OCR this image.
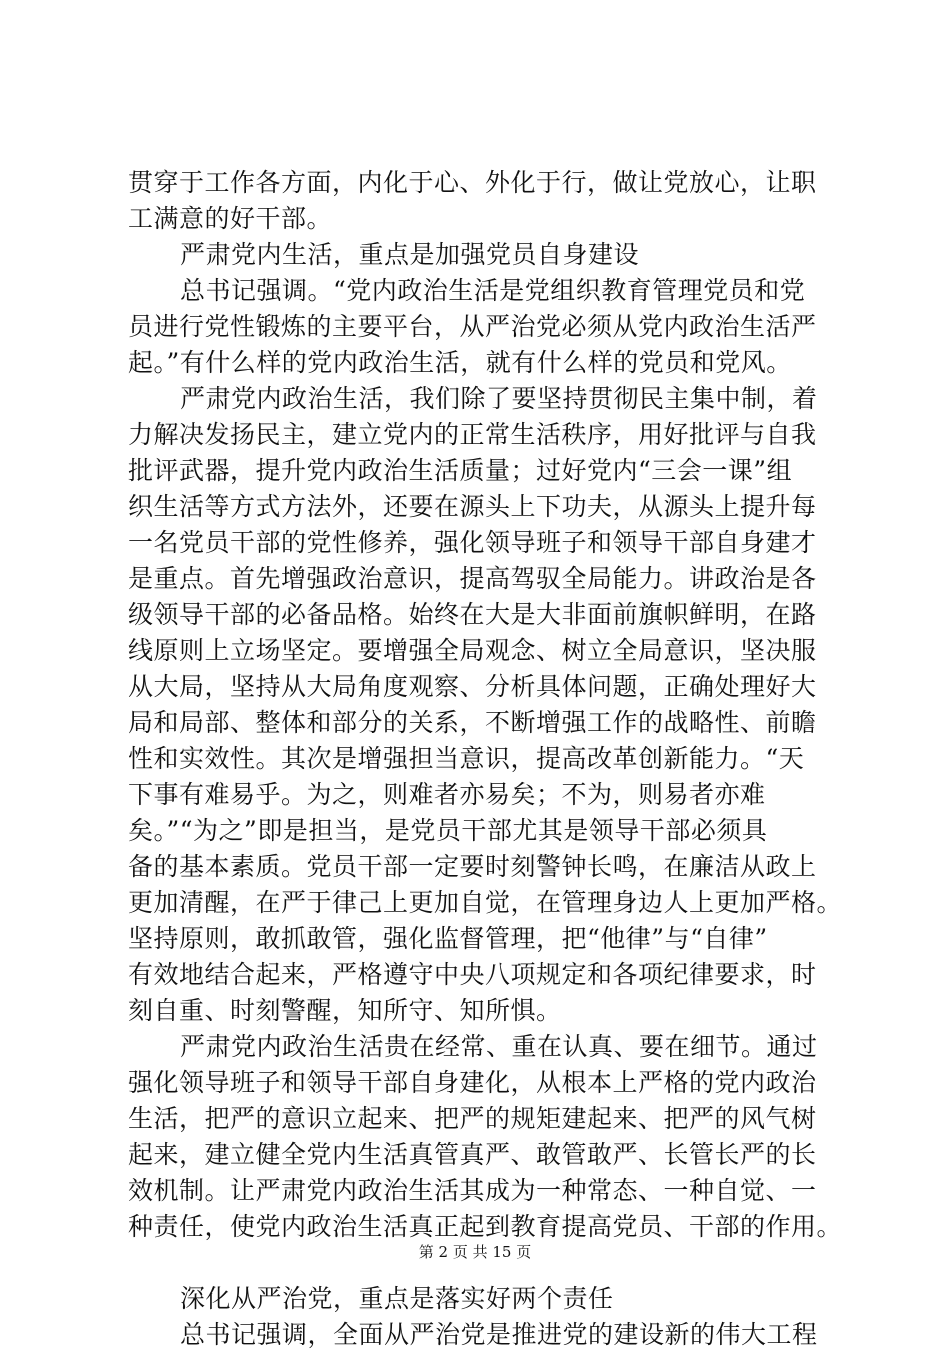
贯穿于工作各方面，内化于心、外化于行，做让党放心，让职
工满意的好干部。
严肃党内生活，重点是加强党员自身建设
总书记强调。“党内政治生活是党组织教育管理党员和党
员进行党性锻炼的主要平台，从严治党必须从党内政治生活严
起。”有什么样的党内政治生活，就有什么样的党员和党风。
严肃党内政治生活，我们除了要坚持贯彻民主集中制，着
力解决发扬民主，建立党内的正常生活秩序，用好批评与自我
批评武器，提升党内政治生活质量；过好党内“三会一课”组
织生活等方式方法外，还要在源头上下功夫，从源头上提升每
一名党员干部的党性修养，强化领导班子和领导干部自身建才
是重点。首先增强政治意识，提高驾驭全局能力。讲政治是各
级领导干部的必备品格。始终在大是大非面前旗帜鲜明，在路
线原则上立场坚定。要增强全局观念、树立全局意识，坚决服
从大局，坚持从大局角度观察、分析具体问题，正确处理好大
局和局部、整体和部分的关系，不断增强工作的战略性、前瞻
性和实效性。其次是增强担当意识，提高改革创新能力。“天
下事有难易乎。为之，则难者亦易矣；不为，则易者亦难
矣。”“为之”即是担当，是党员干部尤其是领导干部必须具
备的基本素质。党员干部一定要时刻警钟长鸣，在廉洁从政上
更加清醒，在严于律己上更加自觉，在管理身边人上更加严格。
坚持原则，敢抓敢管，强化监督管理，把“他律”与“自律”
有效地结合起来，严格遵守中央八项规定和各项纪律要求，时
刻自重、时刻警醒，知所守、知所惧。
严肃党内政治生活贵在经常、重在认真、要在细节。通过
强化领导班子和领导干部自身建化，从根本上严格的党内政治
生活，把严的意识立起来、把严的规矩建起来、把严的风气树
起来，建立健全党内生活真管真严、敢管敢严、长管长严的长
效机制。让严肃党内政治生活其成为一种常态、一种自觉、一
种责任，使党内政治生活真正起到教育提高党员、干部的作用。
深化从严治党，重点是落实好两个责任
总书记强调，全面从严治党是推进党的建设新的伟大工程
第 2 页 共 15 页
